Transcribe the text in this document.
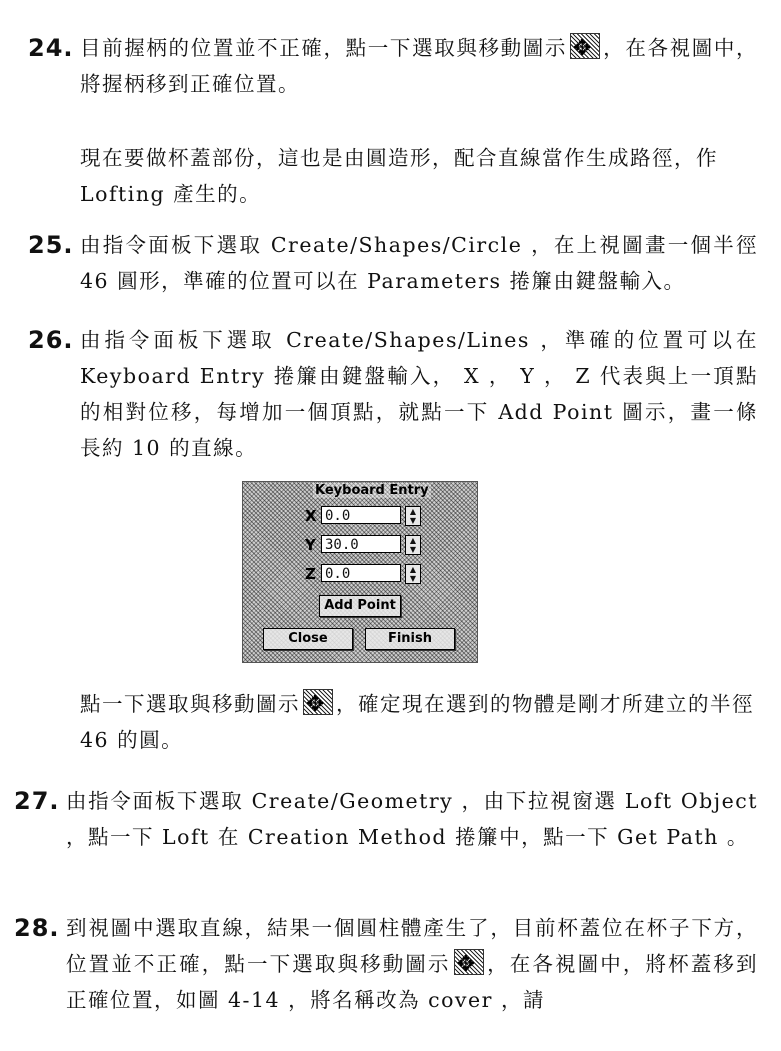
24. 目前握柄的位置並不正確，點一下選取與移動圖示 ✥ ，在各視圖中，將握柄移到正確位置。

現在要做杯蓋部份，這也是由圓造形，配合直線當作生成路徑，作 Lofting 產生的。

25. 由指令面板下選取 Create/Shapes/Circle ，在上視圖畫一個半徑 46 圓形，準確的位置可以在 Parameters 捲簾由鍵盤輸入。

26. 由指令面板下選取 Create/Shapes/Lines ，準確的位置可以在 Keyboard Entry 捲簾由鍵盤輸入， X ， Y ， Z 代表與上一頂點的相對位移，每增加一個頂點，就點一下 Add Point 圖示，畫一條長約 10 的直線。

Keyboard Entry
X 0.0	▲
▼
Y 30.0	▲
▼
Z 0.0	▲
▼
Add Point
Close	Finish

點一下選取與移動圖示 ✥ ，確定現在選到的物體是剛才所建立的半徑 46 的圓。

27. 由指令面板下選取 Create/Geometry ，由下拉視窗選 Loft Object ，點一下 Loft 在 Creation Method 捲簾中，點一下 Get Path 。

28. 到視圖中選取直線，結果一個圓柱體產生了，目前杯蓋位在杯子下方，位置並不正確，點一下選取與移動圖示 ✥ ，在各視圖中，將杯蓋移到正確位置，如圖 4-14 ，將名稱改為 cover ，請
